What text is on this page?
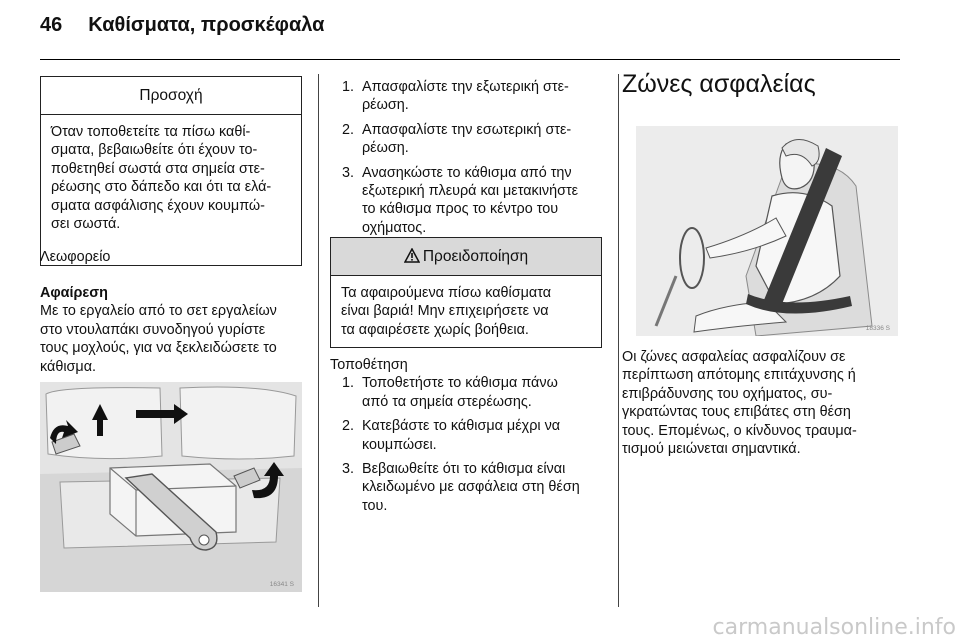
46 Καθίσματα, προσκέφαλα
Προσοχή
Όταν τοποθετείτε τα πίσω καθί-
σματα, βεβαιωθείτε ότι έχουν το-
ποθετηθεί σωστά στα σημεία στε-
ρέωσης στο δάπεδο και ότι τα ελά-
σματα ασφάλισης έχουν κουμπώ-
σει σωστά.
Λεωφορείο
Αφαίρεση
Με το εργαλείο από το σετ εργαλείων
στο ντουλαπάκι συνοδηγού γυρίστε
τους μοχλούς, για να ξεκλειδώσετε το
κάθισμα.
16341 S
1. Απασφαλίστε την εξωτερική στε-
ρέωση.
2. Απασφαλίστε την εσωτερική στε-
ρέωση.
3. Ανασηκώστε το κάθισμα από την
εξωτερική πλευρά και μετακινήστε
το κάθισμα προς το κέντρο του
οχήματος.
Προειδοποίηση
Τα αφαιρούμενα πίσω καθίσματα
είναι βαριά! Μην επιχειρήσετε να
τα αφαιρέσετε χωρίς βοήθεια.
Τοποθέτηση
1. Τοποθετήστε το κάθισμα πάνω
από τα σημεία στερέωσης.
2. Κατεβάστε το κάθισμα μέχρι να
κουμπώσει.
3. Βεβαιωθείτε ότι το κάθισμα είναι
κλειδωμένο με ασφάλεια στη θέση
του.
Ζώνες ασφαλείας
18336 S
Οι ζώνες ασφαλείας ασφαλίζουν σε
περίπτωση απότομης επιτάχυνσης ή
επιβράδυνσης του οχήματος, συ-
γκρατώντας τους επιβάτες στη θέση
τους. Επομένως, ο κίνδυνος τραυμα-
τισμού μειώνεται σημαντικά.
carmanualsonline.info
